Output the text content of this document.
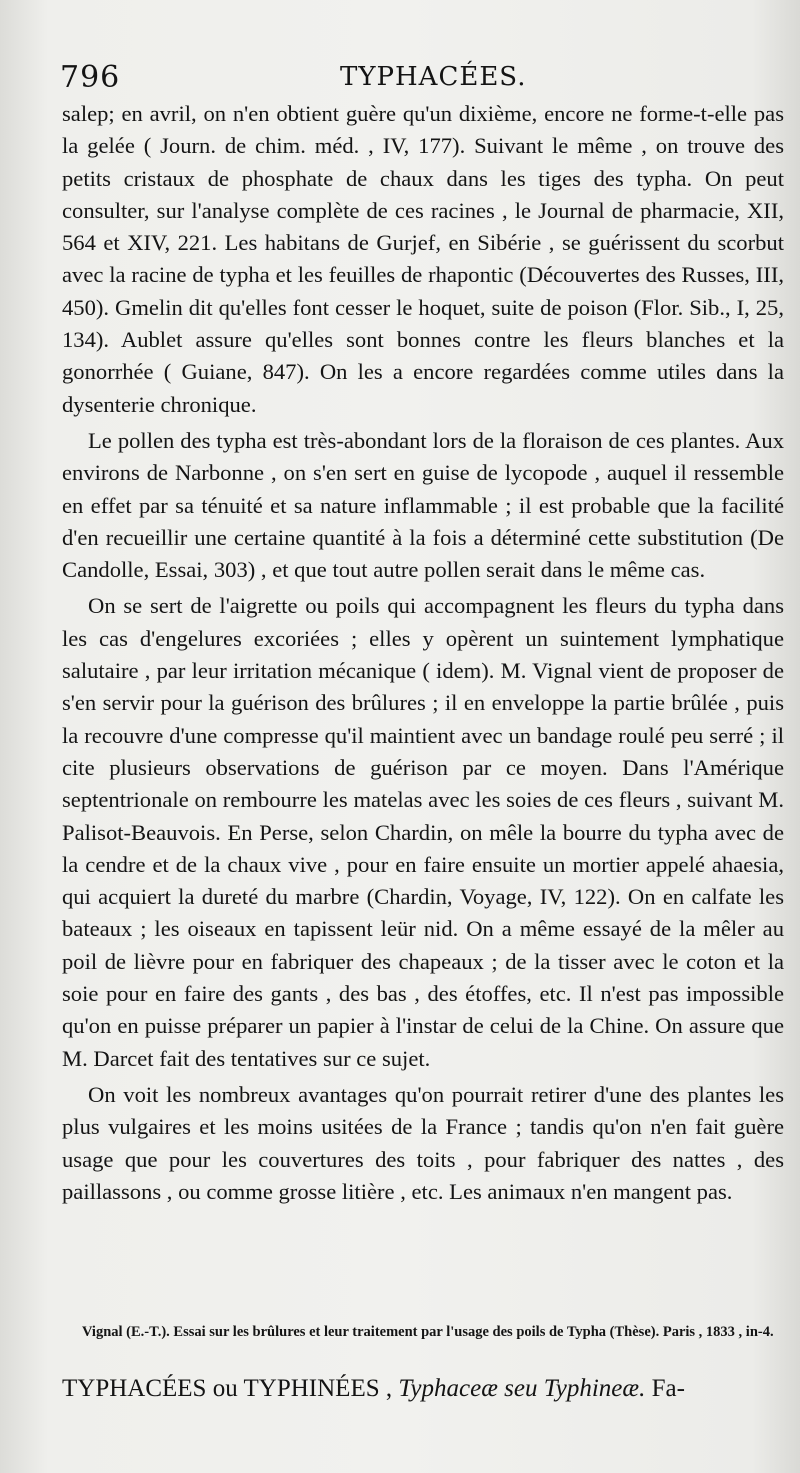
796	TYPHACÉES.

salep; en avril, on n'en obtient guère qu'un dixième, encore ne forme-t-elle pas la gelée ( Journ. de chim. méd. , IV, 177). Suivant le même , on trouve des petits cristaux de phosphate de chaux dans les tiges des typha. On peut consulter, sur l'analyse complète de ces racines , le Journal de pharmacie, XII, 564 et XIV, 221. Les habitans de Gurjef, en Sibérie , se guérissent du scorbut avec la racine de typha et les feuilles de rhapontic (Découvertes des Russes, III, 450). Gmelin dit qu'elles font cesser le hoquet, suite de poison (Flor. Sib., I, 25, 134). Aublet assure qu'elles sont bonnes contre les fleurs blanches et la gonorrhée ( Guiane, 847). On les a encore regardées comme utiles dans la dysenterie chronique.

Le pollen des typha est très-abondant lors de la floraison de ces plantes. Aux environs de Narbonne , on s'en sert en guise de lycopode , auquel il ressemble en effet par sa ténuité et sa nature inflammable ; il est probable que la facilité d'en recueillir une certaine quantité à la fois a déterminé cette substitution (De Candolle, Essai, 303) , et que tout autre pollen serait dans le même cas.

On se sert de l'aigrette ou poils qui accompagnent les fleurs du typha dans les cas d'engelures excoriées ; elles y opèrent un suintement lymphatique salutaire , par leur irritation mécanique ( idem). M. Vignal vient de proposer de s'en servir pour la guérison des brûlures ; il en enveloppe la partie brûlée , puis la recouvre d'une compresse qu'il maintient avec un bandage roulé peu serré ; il cite plusieurs observations de guérison par ce moyen. Dans l'Amérique septentrionale on rembourre les matelas avec les soies de ces fleurs , suivant M. Palisot-Beauvois. En Perse, selon Chardin, on mêle la bourre du typha avec de la cendre et de la chaux vive , pour en faire ensuite un mortier appelé ahaesia, qui acquiert la dureté du marbre (Chardin, Voyage, IV, 122). On en calfate les bateaux ; les oiseaux en tapissent leür nid. On a même essayé de la mêler au poil de lièvre pour en fabriquer des chapeaux ; de la tisser avec le coton et la soie pour en faire des gants , des bas , des étoffes, etc. Il n'est pas impossible qu'on en puisse préparer un papier à l'instar de celui de la Chine. On assure que M. Darcet fait des tentatives sur ce sujet.

On voit les nombreux avantages qu'on pourrait retirer d'une des plantes les plus vulgaires et les moins usitées de la France ; tandis qu'on n'en fait guère usage que pour les couvertures des toits , pour fabriquer des nattes , des paillassons , ou comme grosse litière , etc. Les animaux n'en mangent pas.

Vignal (E.-T.). Essai sur les brûlures et leur traitement par l'usage des poils de Typha (Thèse). Paris , 1833 , in-4.

TYPHACÉES ou TYPHINÉES , Typhaceæ seu Typhineæ. Fa-
